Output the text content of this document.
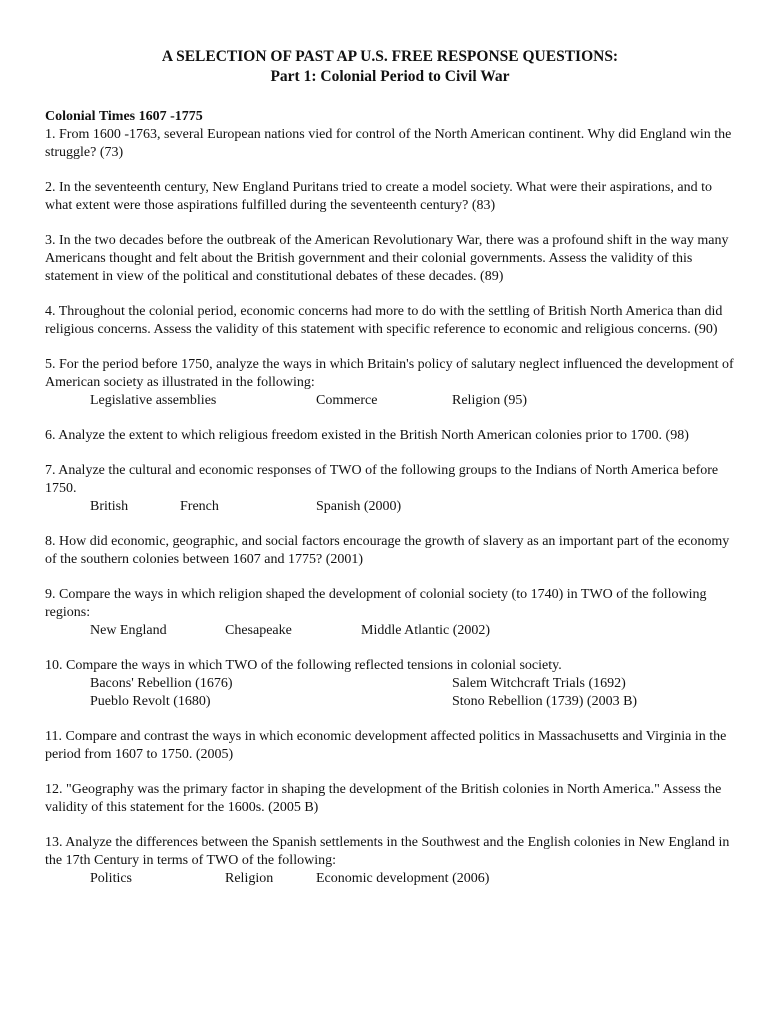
A SELECTION OF PAST AP U.S. FREE RESPONSE QUESTIONS:
Part 1: Colonial Period to Civil War
Colonial Times 1607 -1775
1. From 1600 -1763, several European nations vied for control of the North American continent. Why did England win the struggle? (73)
2. In the seventeenth century, New England Puritans tried to create a model society. What were their aspirations, and to what extent were those aspirations fulfilled during the seventeenth century? (83)
3. In the two decades before the outbreak of the American Revolutionary War, there was a profound shift in the way many Americans thought and felt about the British government and their colonial governments. Assess the validity of this statement in view of the political and constitutional debates of these decades. (89)
4. Throughout the colonial period, economic concerns had more to do with the settling of British North America than did religious concerns. Assess the validity of this statement with specific reference to economic and religious concerns. (90)
5. For the period before 1750, analyze the ways in which Britain's policy of salutary neglect influenced the development of American society as illustrated in the following:
Legislative assemblies	Commerce	Religion (95)
6. Analyze the extent to which religious freedom existed in the British North American colonies prior to 1700. (98)
7. Analyze the cultural and economic responses of TWO of the following groups to the Indians of North America before 1750.
British	French	Spanish (2000)
8. How did economic, geographic, and social factors encourage the growth of slavery as an important part of the economy of the southern colonies between 1607 and 1775? (2001)
9. Compare the ways in which religion shaped the development of colonial society (to 1740) in TWO of the following regions:
New England	Chesapeake	Middle Atlantic (2002)
10. Compare the ways in which TWO of the following reflected tensions in colonial society.
Bacons' Rebellion (1676)	Salem Witchcraft Trials (1692)
Pueblo Revolt (1680)	Stono Rebellion (1739) (2003 B)
11. Compare and contrast the ways in which economic development affected politics in Massachusetts and Virginia in the period from 1607 to 1750. (2005)
12. "Geography was the primary factor in shaping the development of the British colonies in North America." Assess the validity of this statement for the 1600s. (2005 B)
13. Analyze the differences between the Spanish settlements in the Southwest and the English colonies in New England in the 17th Century in terms of TWO of the following:
Politics	Religion	Economic development (2006)
